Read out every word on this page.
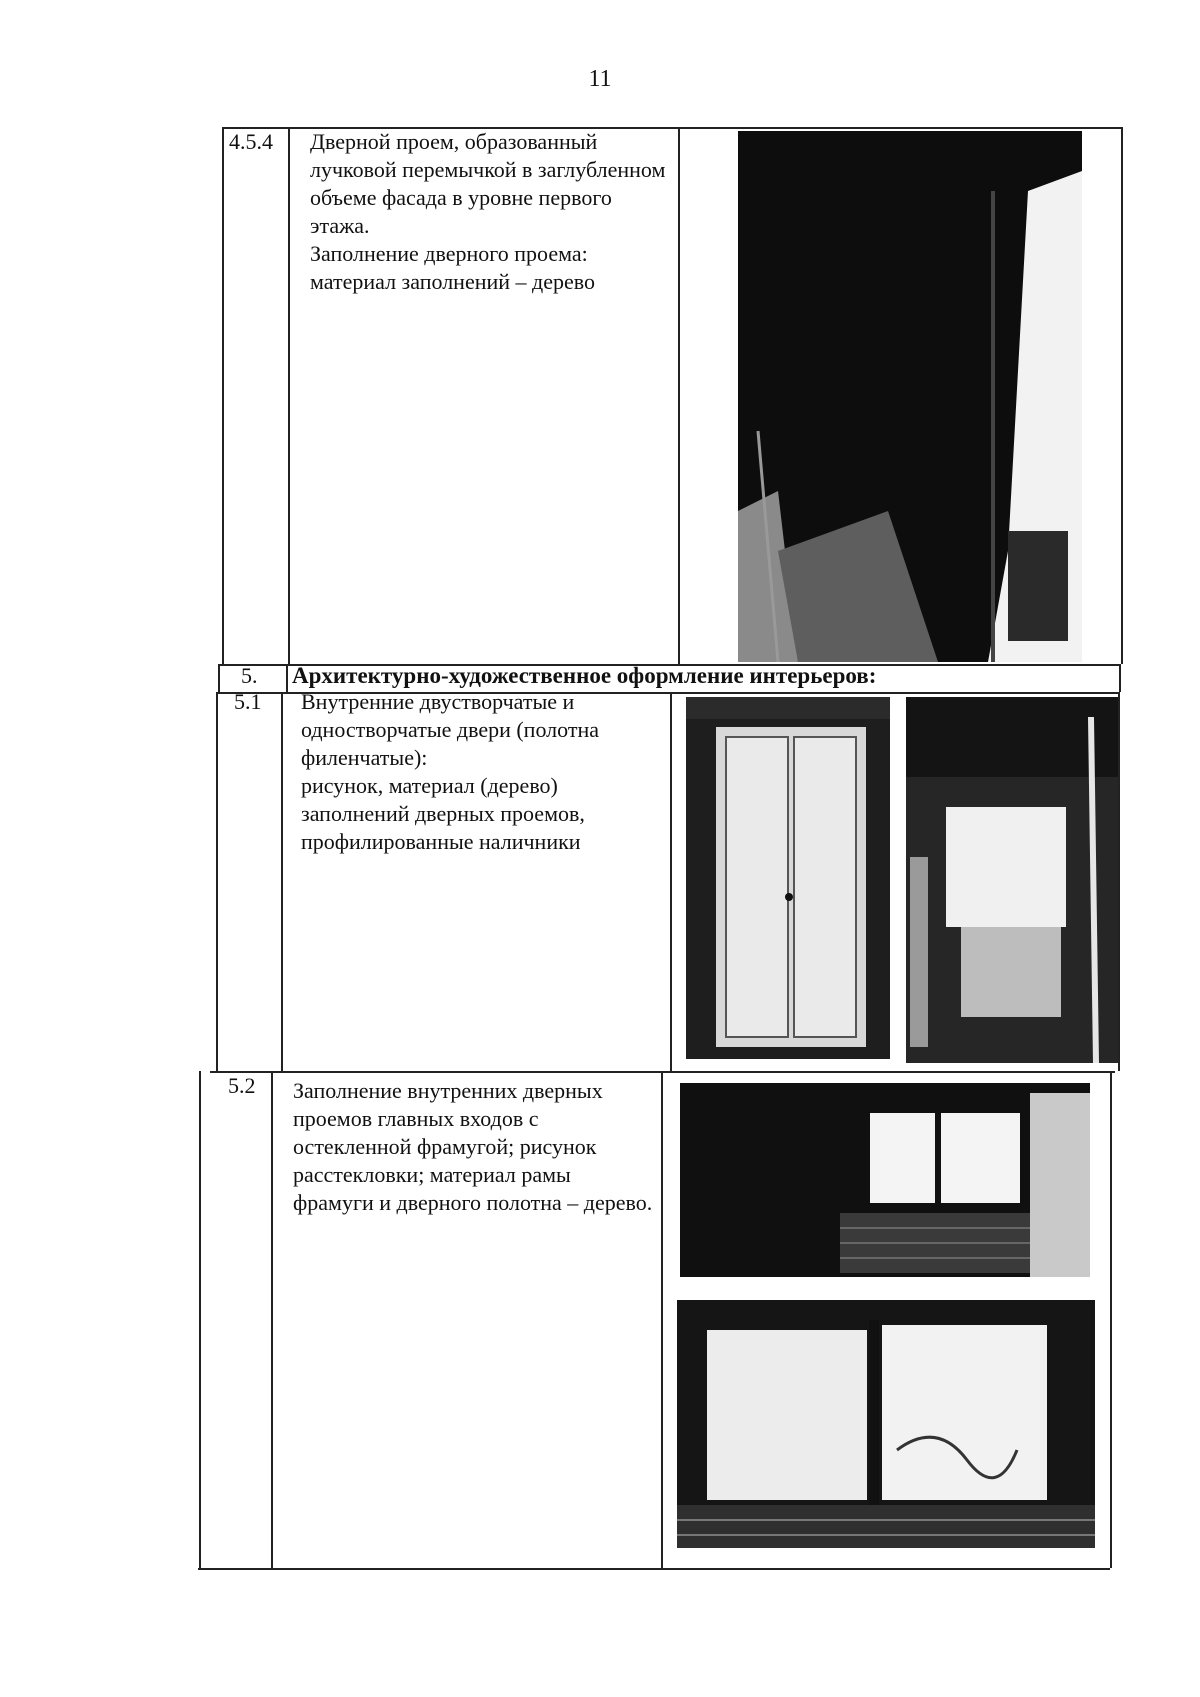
11
4.5.4 Дверной проем, образованный лучковой перемычкой в заглубленном объеме фасада в уровне первого этажа.
Заполнение дверного проема: материал заполнений – дерево
5. Архитектурно-художественное оформление интерьеров:
5.1 Внутренние двустворчатые и одностворчатые двери (полотна филенчатые):
рисунок, материал (дерево) заполнений дверных проемов, профилированные наличники
5.2 Заполнение внутренних дверных проемов главных входов с остекленной фрамугой; рисунок расстекловки; материал рамы фрамуги и дверного полотна – дерево.
